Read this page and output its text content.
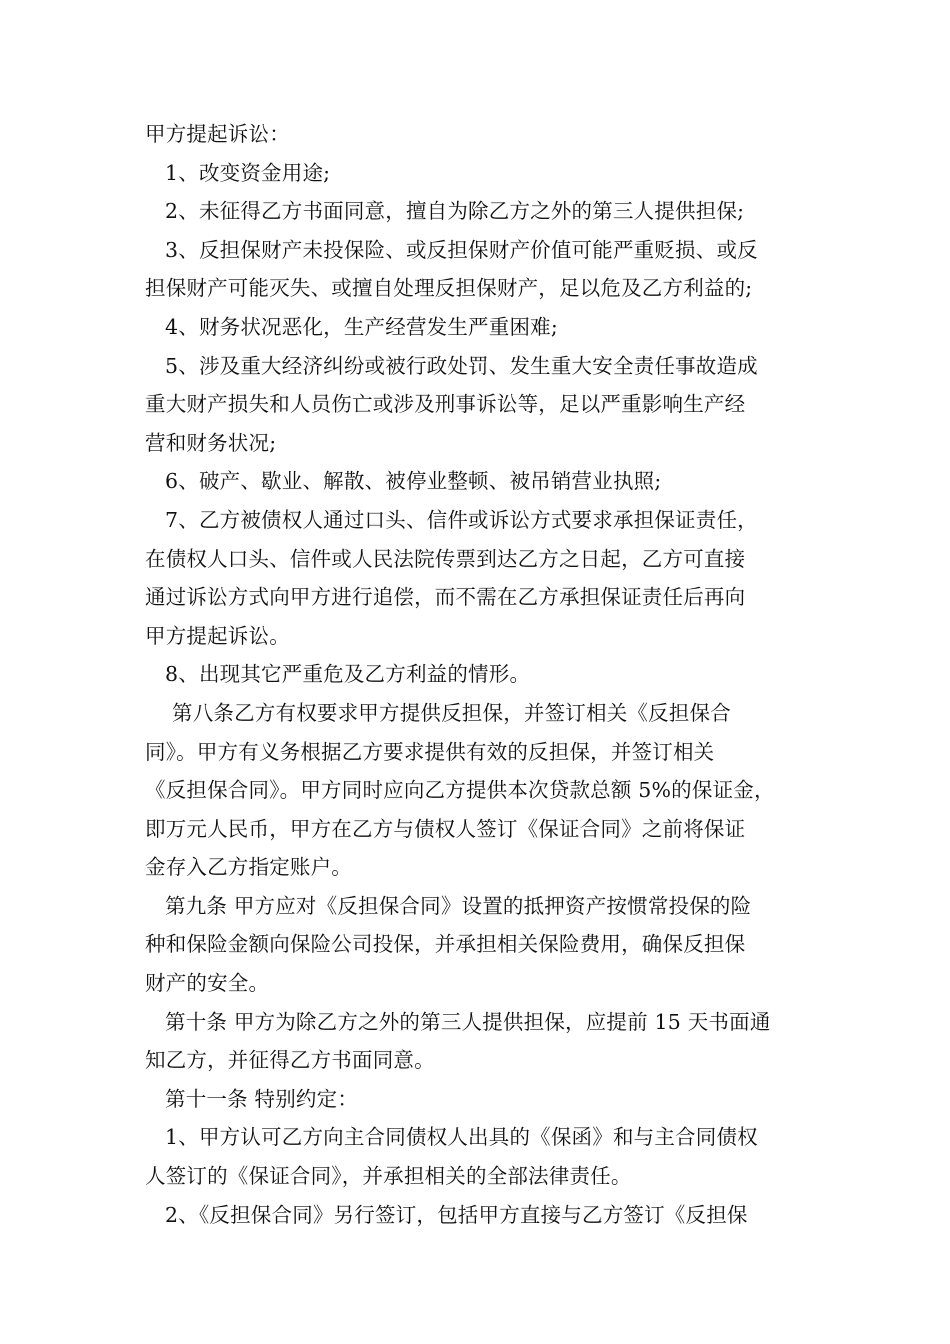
甲方提起诉讼：
1、改变资金用途;
2、未征得乙方书面同意，擅自为除乙方之外的第三人提供担保;
3、反担保财产未投保险、或反担保财产价值可能严重贬损、或反
担保财产可能灭失、或擅自处理反担保财产，足以危及乙方利益的;
4、财务状况恶化，生产经营发生严重困难;
5、涉及重大经济纠纷或被行政处罚、发生重大安全责任事故造成
重大财产损失和人员伤亡或涉及刑事诉讼等，足以严重影响生产经
营和财务状况;
6、破产、歇业、解散、被停业整顿、被吊销营业执照;
7、乙方被债权人通过口头、信件或诉讼方式要求承担保证责任，
在债权人口头、信件或人民法院传票到达乙方之日起，乙方可直接
通过诉讼方式向甲方进行追偿，而不需在乙方承担保证责任后再向
甲方提起诉讼。
8、出现其它严重危及乙方利益的情形。
第八条乙方有权要求甲方提供反担保，并签订相关《反担保合
同》。甲方有义务根据乙方要求提供有效的反担保，并签订相关
《反担保合同》。甲方同时应向乙方提供本次贷款总额 5%的保证金，
即万元人民币，甲方在乙方与债权人签订《保证合同》之前将保证
金存入乙方指定账户。
第九条 甲方应对《反担保合同》设置的抵押资产按惯常投保的险
种和保险金额向保险公司投保，并承担相关保险费用，确保反担保
财产的安全。
第十条 甲方为除乙方之外的第三人提供担保，应提前 15 天书面通
知乙方，并征得乙方书面同意。
第十一条 特别约定：
1、甲方认可乙方向主合同债权人出具的《保函》和与主合同债权
人签订的《保证合同》，并承担相关的全部法律责任。
2、《反担保合同》另行签订，包括甲方直接与乙方签订《反担保
